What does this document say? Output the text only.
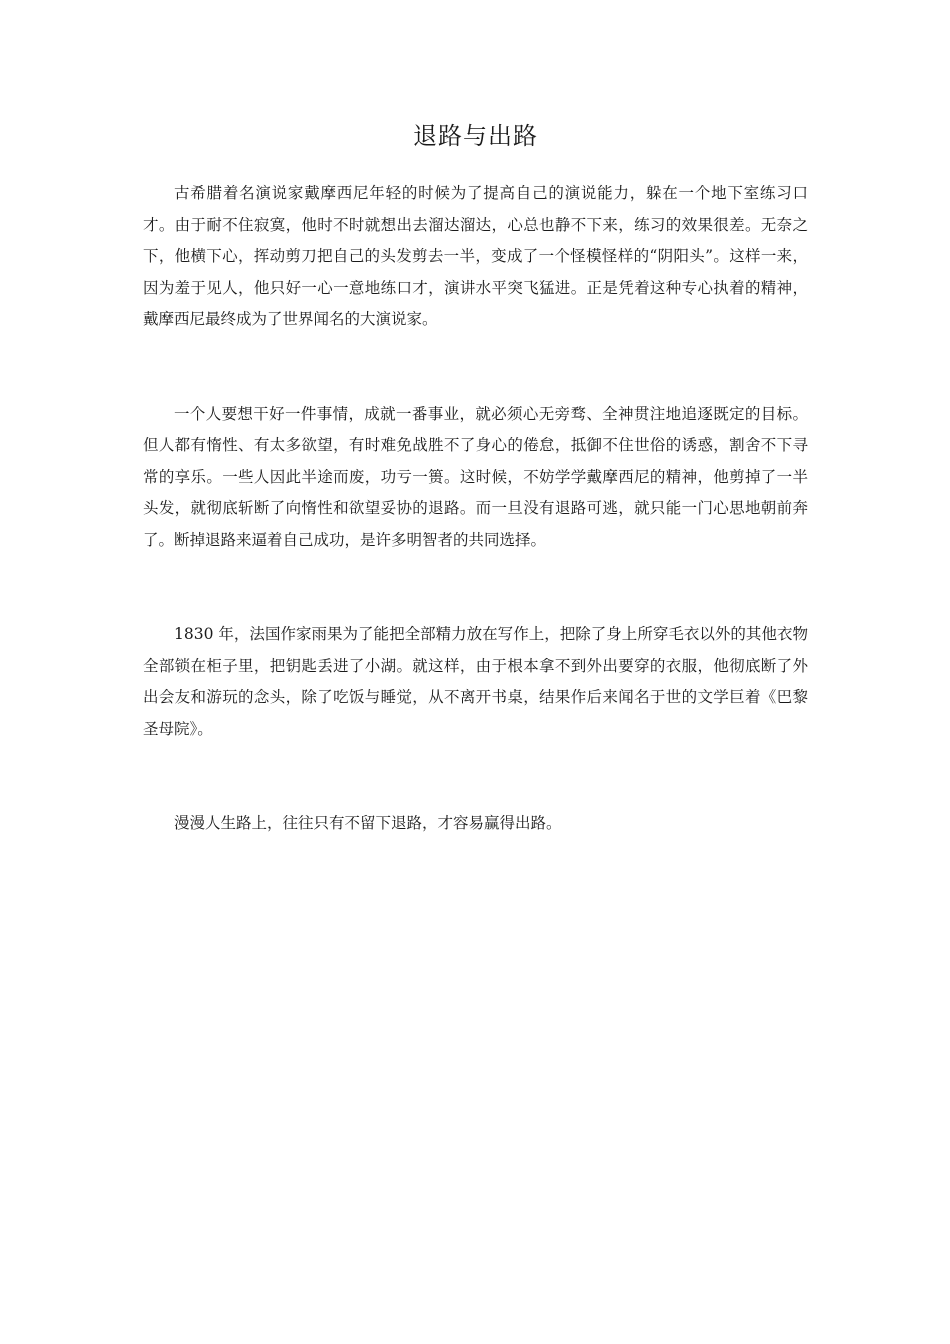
退路与出路

古希腊着名演说家戴摩西尼年轻的时候为了提高自己的演说能力，躲在一个地下室练习口才。由于耐不住寂寞，他时不时就想出去溜达溜达，心总也静不下来，练习的效果很差。无奈之下，他横下心，挥动剪刀把自己的头发剪去一半，变成了一个怪模怪样的“阴阳头”。这样一来，因为羞于见人，他只好一心一意地练口才，演讲水平突飞猛进。正是凭着这种专心执着的精神，戴摩西尼最终成为了世界闻名的大演说家。

一个人要想干好一件事情，成就一番事业，就必须心无旁骛、全神贯注地追逐既定的目标。但人都有惰性、有太多欲望，有时难免战胜不了身心的倦怠，抵御不住世俗的诱惑，割舍不下寻常的享乐。一些人因此半途而废，功亏一篑。这时候，不妨学学戴摩西尼的精神，他剪掉了一半头发，就彻底斩断了向惰性和欲望妥协的退路。而一旦没有退路可逃，就只能一门心思地朝前奔了。断掉退路来逼着自己成功，是许多明智者的共同选择。

1830 年，法国作家雨果为了能把全部精力放在写作上，把除了身上所穿毛衣以外的其他衣物全部锁在柜子里，把钥匙丢进了小湖。就这样，由于根本拿不到外出要穿的衣服，他彻底断了外出会友和游玩的念头，除了吃饭与睡觉，从不离开书桌，结果作后来闻名于世的文学巨着《巴黎圣母院》。

漫漫人生路上，往往只有不留下退路，才容易赢得出路。
